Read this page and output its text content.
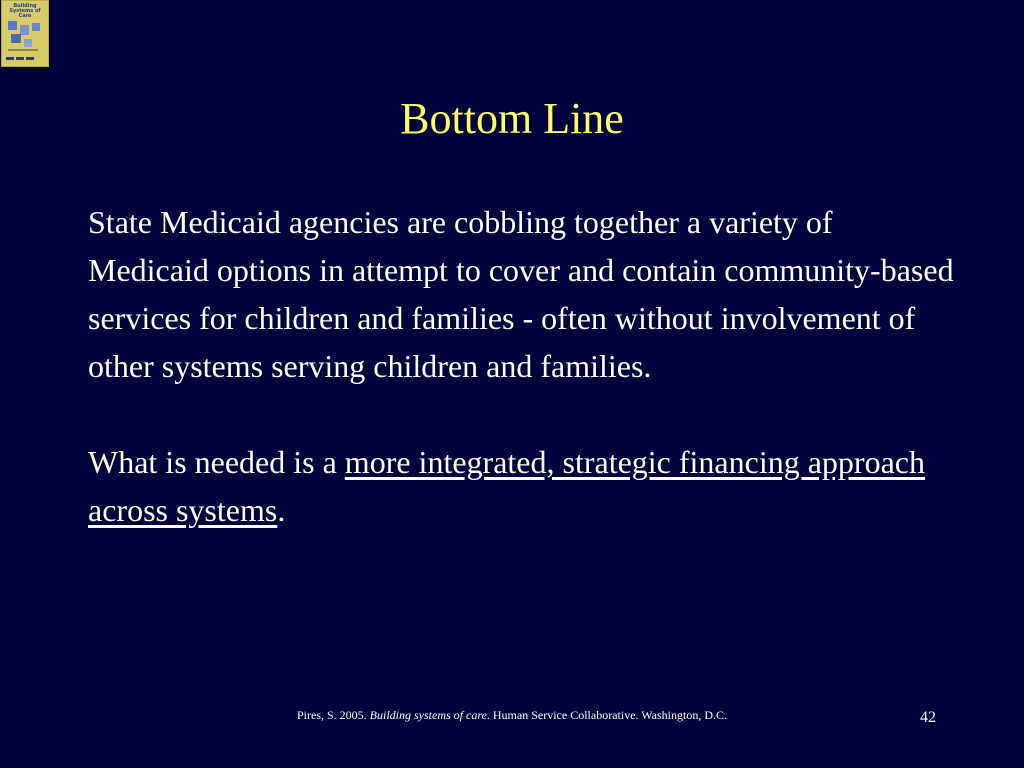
Building
Systems of
Care
Bottom Line

State Medicaid agencies are cobbling together a variety of Medicaid options in attempt to cover and contain community-based services for children and families - often without involvement of other systems serving children and families.

What is needed is a more integrated, strategic financing approach across systems.

Pires, S. 2005. Building systems of care. Human Service Collaborative. Washington, D.C.	42
